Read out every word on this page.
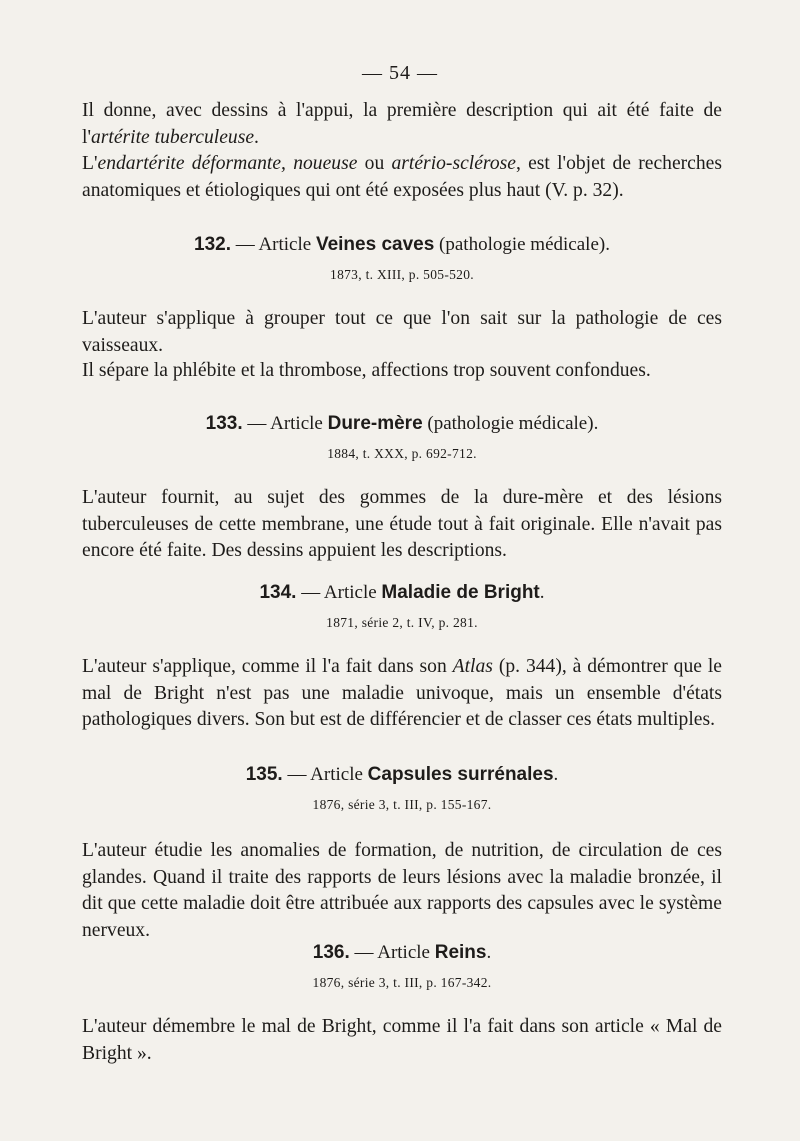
— 54 —
Il donne, avec dessins à l'appui, la première description qui ait été faite de l'artérite tuberculeuse.
L'endartérite déformante, noueuse ou artério-sclérose, est l'objet de recherches anatomiques et étiologiques qui ont été exposées plus haut (V. p. 32).
132. — Article Veines caves (pathologie médicale).
1873, t. XIII, p. 505-520.
L'auteur s'applique à grouper tout ce que l'on sait sur la pathologie de ces vaisseaux.
Il sépare la phlébite et la thrombose, affections trop souvent confondues.
133. — Article Dure-mère (pathologie médicale).
1884, t. XXX, p. 692-712.
L'auteur fournit, au sujet des gommes de la dure-mère et des lésions tuberculeuses de cette membrane, une étude tout à fait originale. Elle n'avait pas encore été faite. Des dessins appuient les descriptions.
134. — Article Maladie de Bright.
1871, série 2, t. IV, p. 281.
L'auteur s'applique, comme il l'a fait dans son Atlas (p. 344), à démontrer que le mal de Bright n'est pas une maladie univoque, mais un ensemble d'états pathologiques divers. Son but est de différencier et de classer ces états multiples.
135. — Article Capsules surrénales.
1876, série 3, t. III, p. 155-167.
L'auteur étudie les anomalies de formation, de nutrition, de circulation de ces glandes. Quand il traite des rapports de leurs lésions avec la maladie bronzée, il dit que cette maladie doit être attribuée aux rapports des capsules avec le système nerveux.
136. — Article Reins.
1876, série 3, t. III, p. 167-342.
L'auteur démembre le mal de Bright, comme il l'a fait dans son article « Mal de Bright ».
